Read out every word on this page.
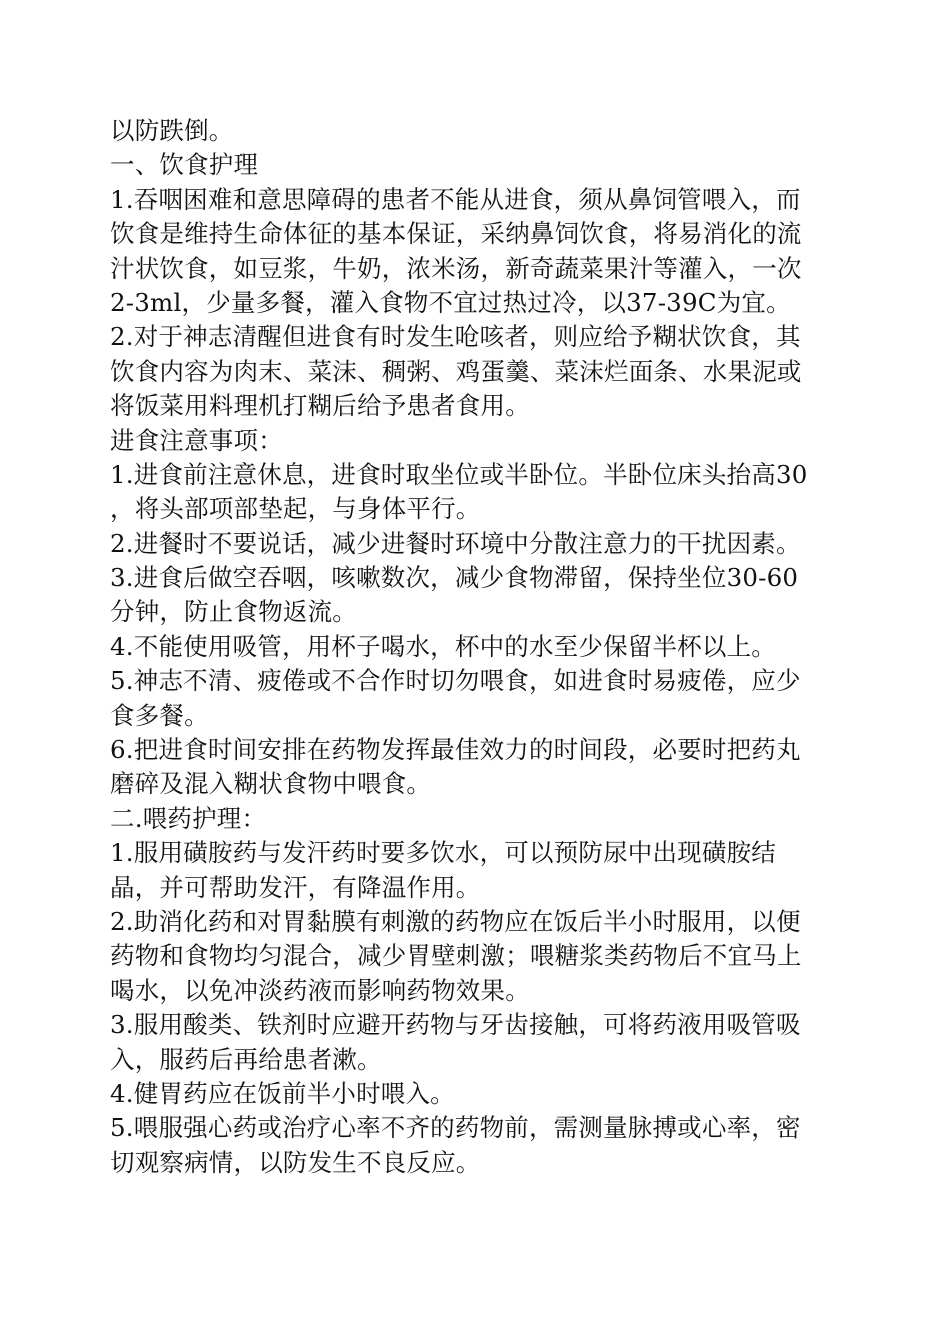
以防跌倒。
一、饮食护理
1.吞咽困难和意思障碍的患者不能从进食，须从鼻饲管喂入，而
饮食是维持生命体征的基本保证，采纳鼻饲饮食，将易消化的流
汁状饮食，如豆浆，牛奶，浓米汤，新奇蔬菜果汁等灌入，一次
2-3ml，少量多餐，灌入食物不宜过热过冷，以37-39C为宜。
2.对于神志清醒但进食有时发生呛咳者，则应给予糊状饮食，其
饮食内容为肉末、菜沫、稠粥、鸡蛋羹、菜沫烂面条、水果泥或
将饭菜用料理机打糊后给予患者食用。
进食注意事项：
1.进食前注意休息，进食时取坐位或半卧位。半卧位床头抬高30
，将头部项部垫起，与身体平行。
2.进餐时不要说话，减少进餐时环境中分散注意力的干扰因素。
3.进食后做空吞咽，咳嗽数次，减少食物滞留，保持坐位30-60
分钟，防止食物返流。
4.不能使用吸管，用杯子喝水，杯中的水至少保留半杯以上。
5.神志不清、疲倦或不合作时切勿喂食，如进食时易疲倦，应少
食多餐。
6.把进食时间安排在药物发挥最佳效力的时间段，必要时把药丸
磨碎及混入糊状食物中喂食。
二.喂药护理：
1.服用磺胺药与发汗药时要多饮水，可以预防尿中出现磺胺结
晶，并可帮助发汗，有降温作用。
2.助消化药和对胃黏膜有刺激的药物应在饭后半小时服用，以便
药物和食物均匀混合，减少胃壁刺激；喂糖浆类药物后不宜马上
喝水，以免冲淡药液而影响药物效果。
3.服用酸类、铁剂时应避开药物与牙齿接触，可将药液用吸管吸
入，服药后再给患者漱。
4.健胃药应在饭前半小时喂入。
5.喂服强心药或治疗心率不齐的药物前，需测量脉搏或心率，密
切观察病情，以防发生不良反应。
